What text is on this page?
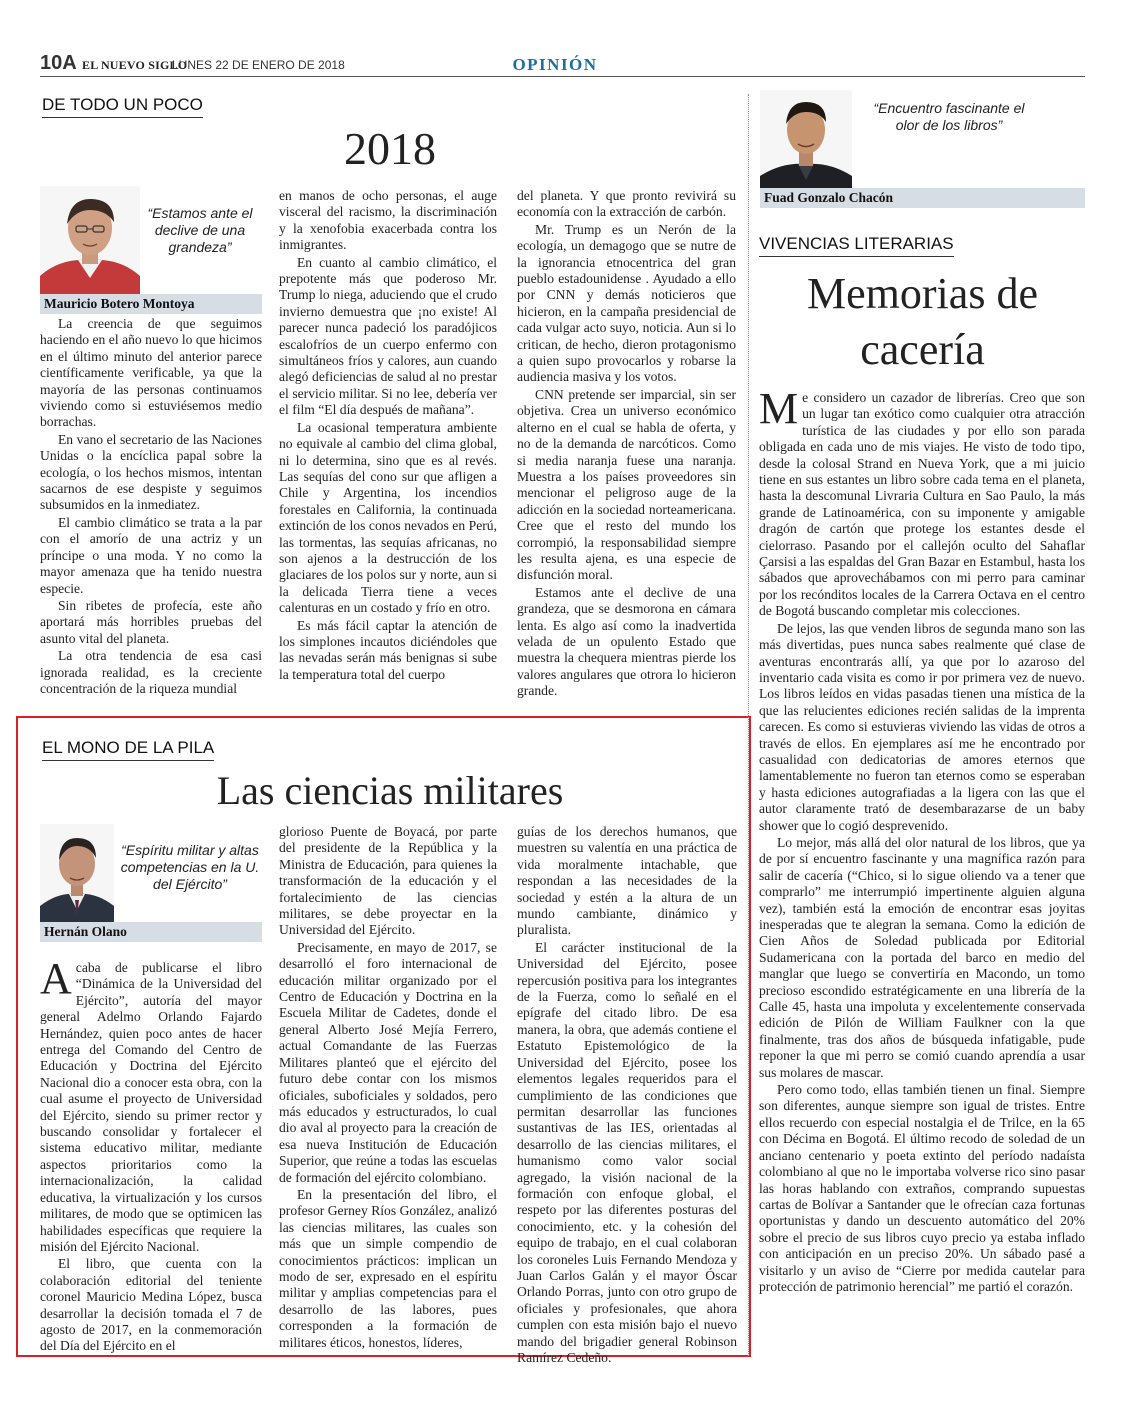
10A EL NUEVO SIGLO
LUNES 22 DE ENERO DE 2018	OPINIÓN
DE TODO UN POCO
2018
“Estamos ante el declive de una grandeza”
Mauricio Botero Montoya

La creencia de que seguimos haciendo en el año nuevo lo que hicimos en el último minuto del anterior parece científicamente verificable, ya que la mayoría de las personas continuamos viviendo como si estuviésemos medio borrachas.

En vano el secretario de las Naciones Unidas o la encíclica papal sobre la ecología, o los hechos mismos, intentan sacarnos de ese despiste y seguimos subsumidos en la inmediatez.

El cambio climático se trata a la par con el amorío de una actriz y un príncipe o una moda. Y no como la mayor amenaza que ha tenido nuestra especie.

Sin ribetes de profecía, este año aportará más horribles pruebas del asunto vital del planeta.

La otra tendencia de esa casi ignorada realidad, es la creciente concentración de la riqueza mundial

en manos de ocho personas, el auge visceral del racismo, la discriminación y la xenofobia exacerbada contra los inmigrantes.

En cuanto al cambio climático, el prepotente más que poderoso Mr. Trump lo niega, aduciendo que el crudo invierno demuestra que ¡no existe! Al parecer nunca padeció los paradójicos escalofríos de un cuerpo enfermo con simultáneos fríos y calores, aun cuando alegó deficiencias de salud al no prestar el servicio militar. Si no lee, debería ver el film “El día después de mañana”.

La ocasional temperatura ambiente no equivale al cambio del clima global, ni lo determina, sino que es al revés. Las sequías del cono sur que afligen a Chile y Argentina, los incendios forestales en California, la continuada extinción de los conos nevados en Perú, las tormentas, las sequías africanas, no son ajenos a la destrucción de los glaciares de los polos sur y norte, aun si la delicada Tierra tiene a veces calenturas en un costado y frío en otro.

Es más fácil captar la atención de los simplones incautos diciéndoles que las nevadas serán más benignas si sube la temperatura total del cuerpo

del planeta. Y que pronto revivirá su economía con la extracción de carbón.

Mr. Trump es un Nerón de la ecología, un demagogo que se nutre de la ignorancia etnocentrica del gran pueblo estadounidense . Ayudado a ello por CNN y demás noticieros que hicieron, en la campaña presidencial de cada vulgar acto suyo, noticia. Aun si lo critican, de hecho, dieron protagonismo a quien supo provocarlos y robarse la audiencia masiva y los votos.

CNN pretende ser imparcial, sin ser objetiva. Crea un universo económico alterno en el cual se habla de oferta, y no de la demanda de narcóticos. Como si media naranja fuese una naranja. Muestra a los países proveedores sin mencionar el peligroso auge de la adicción en la sociedad norteamericana. Cree que el resto del mundo los corrompió, la responsabilidad siempre les resulta ajena, es una especie de disfunción moral.

Estamos ante el declive de una grandeza, que se desmorona en cámara lenta. Es algo así como la inadvertida velada de un opulento Estado que muestra la chequera mientras pierde los valores angulares que otrora lo hicieron grande.

EL MONO DE LA PILA
Las ciencias militares
“Espíritu militar y altas competencias en la U. del Ejército”
Hernán Olano

Acaba de publicarse el libro “Dinámica de la Universidad del Ejército”, autoría del mayor general Adelmo Orlando Fajardo Hernández, quien poco antes de hacer entrega del Comando del Centro de Educación y Doctrina del Ejército Nacional dio a conocer esta obra, con la cual asume el proyecto de Universidad del Ejército, siendo su primer rector y buscando consolidar y fortalecer el sistema educativo militar, mediante aspectos prioritarios como la internacionalización, la calidad educativa, la virtualización y los cursos militares, de modo que se optimicen las habilidades específicas que requiere la misión del Ejército Nacional.

El libro, que cuenta con la colaboración editorial del teniente coronel Mauricio Medina López, busca desarrollar la decisión tomada el 7 de agosto de 2017, en la conmemoración del Día del Ejército en el

glorioso Puente de Boyacá, por parte del presidente de la República y la Ministra de Educación, para quienes la transformación de la educación y el fortalecimiento de las ciencias militares, se debe proyectar en la Universidad del Ejército.

Precisamente, en mayo de 2017, se desarrolló el foro internacional de educación militar organizado por el Centro de Educación y Doctrina en la Escuela Militar de Cadetes, donde el general Alberto José Mejía Ferrero, actual Comandante de las Fuerzas Militares planteó que el ejército del futuro debe contar con los mismos oficiales, suboficiales y soldados, pero más educados y estructurados, lo cual dio aval al proyecto para la creación de esa nueva Institución de Educación Superior, que reúne a todas las escuelas de formación del ejército colombiano.

En la presentación del libro, el profesor Gerney Ríos González, analizó las ciencias militares, las cuales son más que un simple compendio de conocimientos prácticos: implican un modo de ser, expresado en el espíritu militar y amplias competencias para el desarrollo de las labores, pues corresponden a la formación de militares éticos, honestos, líderes,

guías de los derechos humanos, que muestren su valentía en una práctica de vida moralmente intachable, que respondan a las necesidades de la sociedad y estén a la altura de un mundo cambiante, dinámico y pluralista.

El carácter institucional de la Universidad del Ejército, posee repercusión positiva para los integrantes de la Fuerza, como lo señalé en el epígrafe del citado libro. De esa manera, la obra, que además contiene el Estatuto Epistemológico de la Universidad del Ejército, posee los elementos legales requeridos para el cumplimiento de las condiciones que permitan desarrollar las funciones sustantivas de las IES, orientadas al desarrollo de las ciencias militares, el humanismo como valor social agregado, la visión nacional de la formación con enfoque global, el respeto por las diferentes posturas del conocimiento, etc. y la cohesión del equipo de trabajo, en el cual colaboran los coroneles Luis Fernando Mendoza y Juan Carlos Galán y el mayor Óscar Orlando Porras, junto con otro grupo de oficiales y profesionales, que ahora cumplen con esta misión bajo el nuevo mando del brigadier general Robinson Ramírez Cedeño.

“Encuentro fascinante el olor de los libros”
Fuad Gonzalo Chacón
VIVENCIAS LITERARIAS
Memorias de
cacería

Me considero un cazador de librerías. Creo que son un lugar tan exótico como cualquier otra atracción turística de las ciudades y por ello son parada obligada en cada uno de mis viajes. He visto de todo tipo, desde la colosal Strand en Nueva York, que a mi juicio tiene en sus estantes un libro sobre cada tema en el planeta, hasta la descomunal Livraria Cultura en Sao Paulo, la más grande de Latinoamérica, con su imponente y amigable dragón de cartón que protege los estantes desde el cielorraso. Pasando por el callejón oculto del Sahaflar Çarsisi a las espaldas del Gran Bazar en Estambul, hasta los sábados que aprovechábamos con mi perro para caminar por los recónditos locales de la Carrera Octava en el centro de Bogotá buscando completar mis colecciones.

De lejos, las que venden libros de segunda mano son las más divertidas, pues nunca sabes realmente qué clase de aventuras encontrarás allí, ya que por lo azaroso del inventario cada visita es como ir por primera vez de nuevo. Los libros leídos en vidas pasadas tienen una mística de la que las relucientes ediciones recién salidas de la imprenta carecen. Es como si estuvieras viviendo las vidas de otros a través de ellos. En ejemplares así me he encontrado por casualidad con dedicatorias de amores eternos que lamentablemente no fueron tan eternos como se esperaban y hasta ediciones autografiadas a la ligera con las que el autor claramente trató de desembarazarse de un baby shower que lo cogió desprevenido.

Lo mejor, más allá del olor natural de los libros, que ya de por sí encuentro fascinante y una magnífica razón para salir de cacería (“Chico, si lo sigue oliendo va a tener que comprarlo” me interrumpió impertinente alguien alguna vez), también está la emoción de encontrar esas joyitas inesperadas que te alegran la semana. Como la edición de Cien Años de Soledad publicada por Editorial Sudamericana con la portada del barco en medio del manglar que luego se convertiría en Macondo, un tomo precioso escondido estratégicamente en una librería de la Calle 45, hasta una impoluta y excelentemente conservada edición de Pilón de William Faulkner con la que finalmente, tras dos años de búsqueda infatigable, pude reponer la que mi perro se comió cuando aprendía a usar sus molares de mascar.

Pero como todo, ellas también tienen un final. Siempre son diferentes, aunque siempre son igual de tristes. Entre ellos recuerdo con especial nostalgia el de Trilce, en la 65 con Décima en Bogotá. El último recodo de soledad de un anciano centenario y poeta extinto del período nadaísta colombiano al que no le importaba volverse rico sino pasar las horas hablando con extraños, comprando supuestas cartas de Bolívar a Santander que le ofrecían caza fortunas oportunistas y dando un descuento automático del 20% sobre el precio de sus libros cuyo precio ya estaba inflado con anticipación en un preciso 20%. Un sábado pasé a visitarlo y un aviso de “Cierre por medida cautelar para protección de patrimonio herencial” me partió el corazón.
